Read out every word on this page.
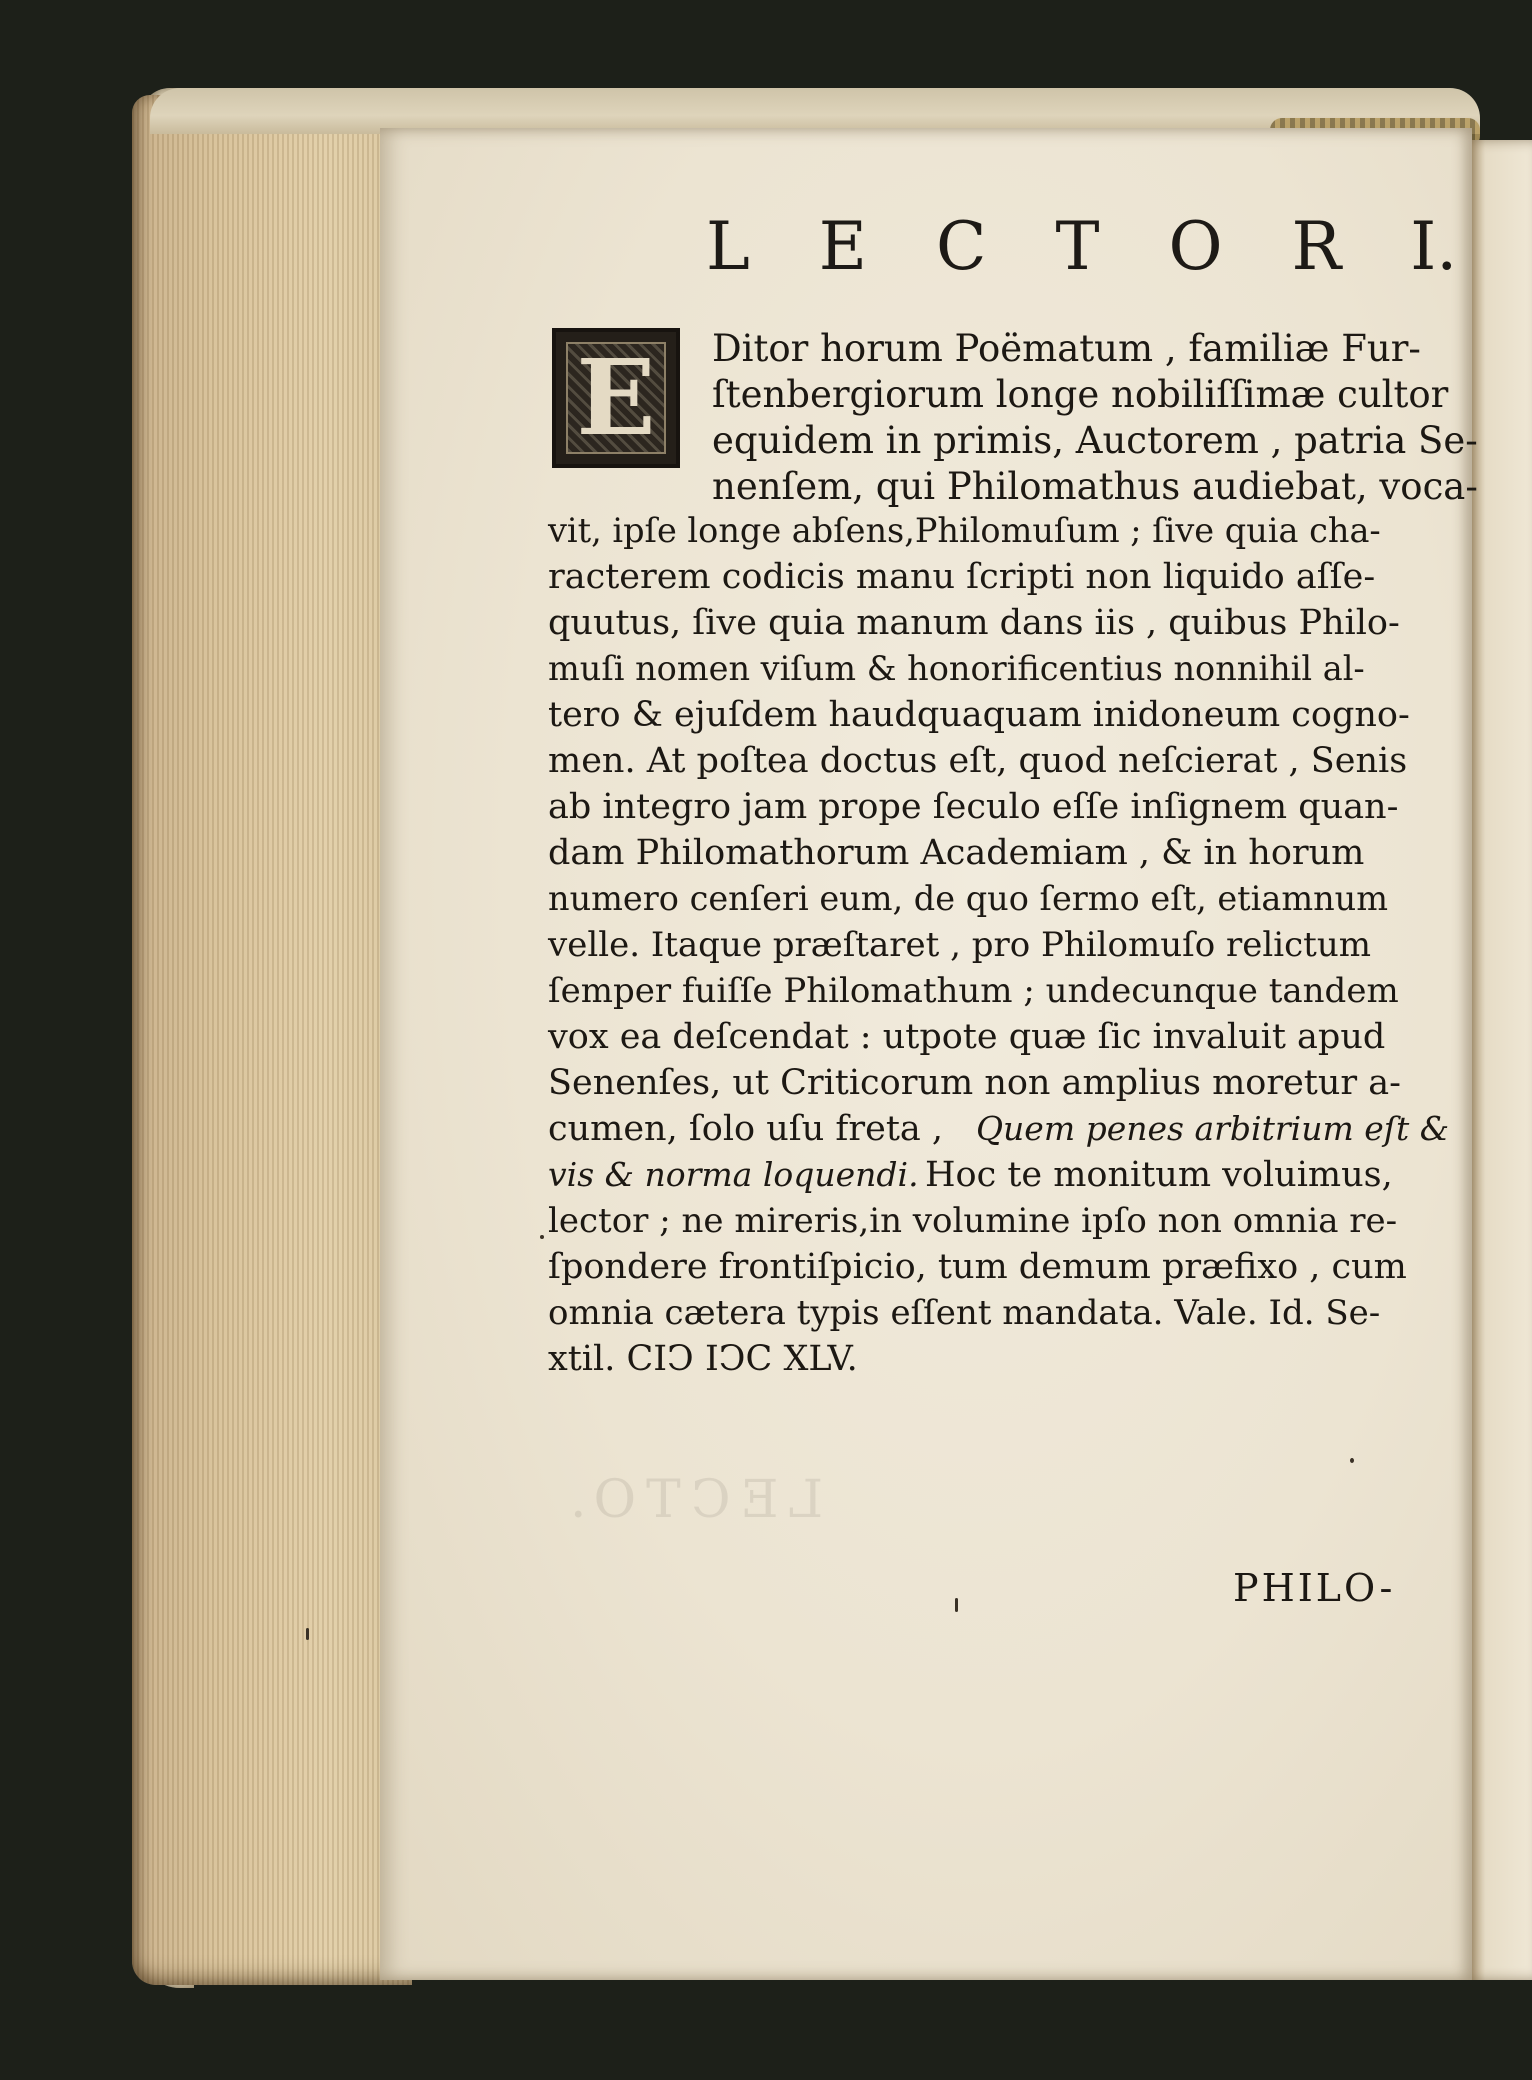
LECTO.
L E C T O R I.
E	Ditor horum Poëmatum , familiæ Fur-
ſtenbergiorum longe nobiliſſimæ cultor
equidem in primis, Auctorem , patria Se-
nenſem, qui Philomathus audiebat, voca-
vit, ipſe longe abſens,Philomuſum ; ſive quia cha-
racterem codicis manu ſcripti non liquido aſſe-
quutus, ſive quia manum dans iis , quibus Philo-
muſi nomen viſum & honorificentius nonnihil al-
tero & ejuſdem haudquaquam inidoneum cogno-
men. At poſtea doctus eſt, quod neſcierat , Senis
ab integro jam prope ſeculo eſſe inſignem quan-
dam Philomathorum Academiam , & in horum
numero cenſeri eum, de quo ſermo eſt, etiamnum
velle. Itaque præſtaret , pro Philomuſo relictum
ſemper fuiſſe Philomathum ; undecunque tandem
vox ea deſcendat : utpote quæ ſic invaluit apud
Senenſes, ut Criticorum non amplius moretur a-
cumen, ſolo uſu freta , Quem penes arbitrium eſt &
vis & norma loquendi. Hoc te monitum voluimus,
lector ; ne mireris,in volumine ipſo non omnia re-
ſpondere frontiſpicio, tum demum præfixo , cum
omnia cætera typis eſſent mandata. Vale. Id. Se-
xtil. CIↃ IↃC XLV.
PHILO-
